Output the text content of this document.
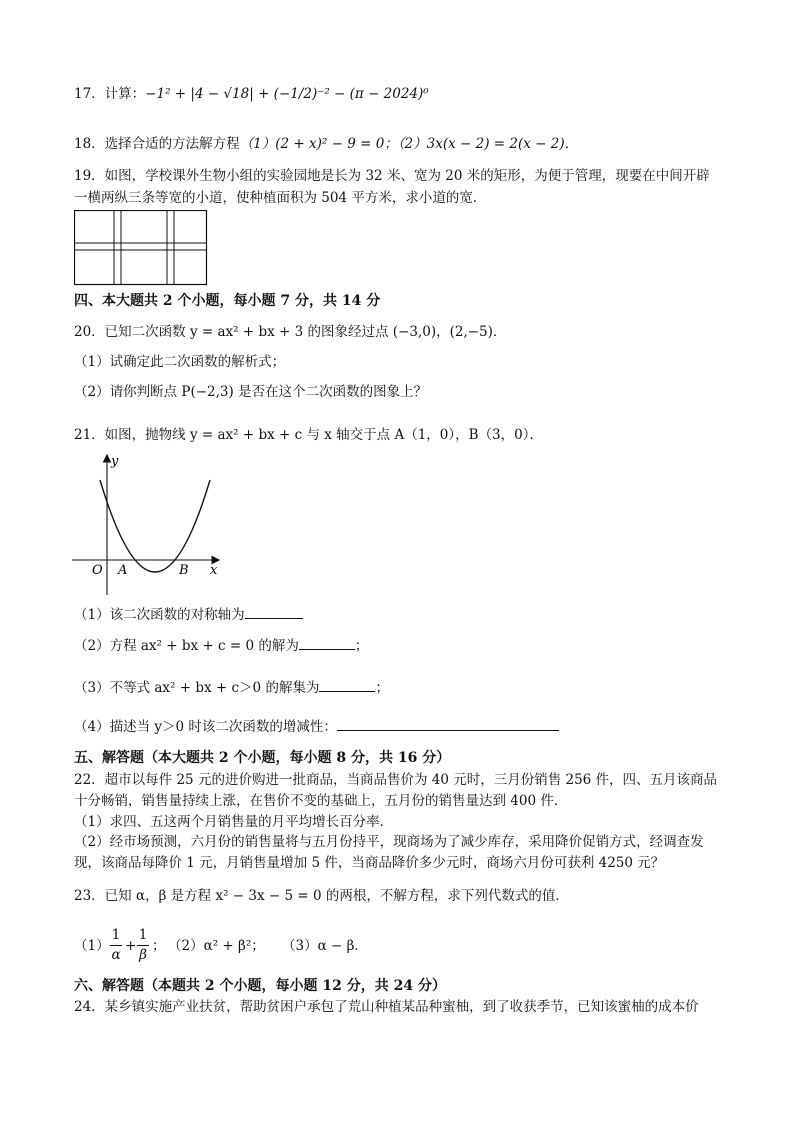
17．计算：−1² + |4 − √18| + (−1/2)⁻² − (π − 2024)⁰
18．选择合适的方法解方程（1）(2 + x)² − 9 = 0；（2）3x(x − 2) = 2(x − 2)．
19．如图，学校课外生物小组的实验园地是长为 32 米、宽为 20 米的矩形，为便于管理，现要在中间开辟
一横两纵三条等宽的小道，使种植面积为 504 平方米，求小道的宽．
四、本大题共 2 个小题，每小题 7 分，共 14 分
20．已知二次函数 y = ax² + bx + 3 的图象经过点 (−3,0)，(2,−5)．
（1）试确定此二次函数的解析式；
（2）请你判断点 P(−2,3) 是否在这个二次函数的图象上？
21．如图，抛物线 y = ax² + bx + c 与 x 轴交于点 A（1，0），B（3，0）．
y
x
O A	B
（1）该二次函数的对称轴为
（2）方程 ax² + bx + c = 0 的解为	；
（3）不等式 ax² + bx + c＞0 的解集为	；
（4）描述当 y＞0 时该二次函数的增减性：
五、解答题（本大题共 2 个小题，每小题 8 分，共 16 分）
22．超市以每件 25 元的进价购进一批商品，当商品售价为 40 元时，三月份销售 256 件，四、五月该商品
十分畅销，销售量持续上涨，在售价不变的基础上，五月份的销售量达到 400 件．
（1）求四、五这两个月销售量的月平均增长百分率．
（2）经市场预测，六月份的销售量将与五月份持平，现商场为了减少库存，采用降价促销方式，经调查发
现，该商品每降价 1 元，月销售量增加 5 件，当商品降价多少元时，商场六月份可获利 4250 元？
23．已知 α，β 是方程 x² − 3x − 5 = 0 的两根，不解方程，求下列代数式的值．
（1）
1
α
+
1
β
； （2）α² + β²； （3）α − β．
六、解答题（本题共 2 个小题，每小题 12 分，共 24 分）
24．某乡镇实施产业扶贫，帮助贫困户承包了荒山种植某品种蜜柚，到了收获季节，已知该蜜柚的成本价
